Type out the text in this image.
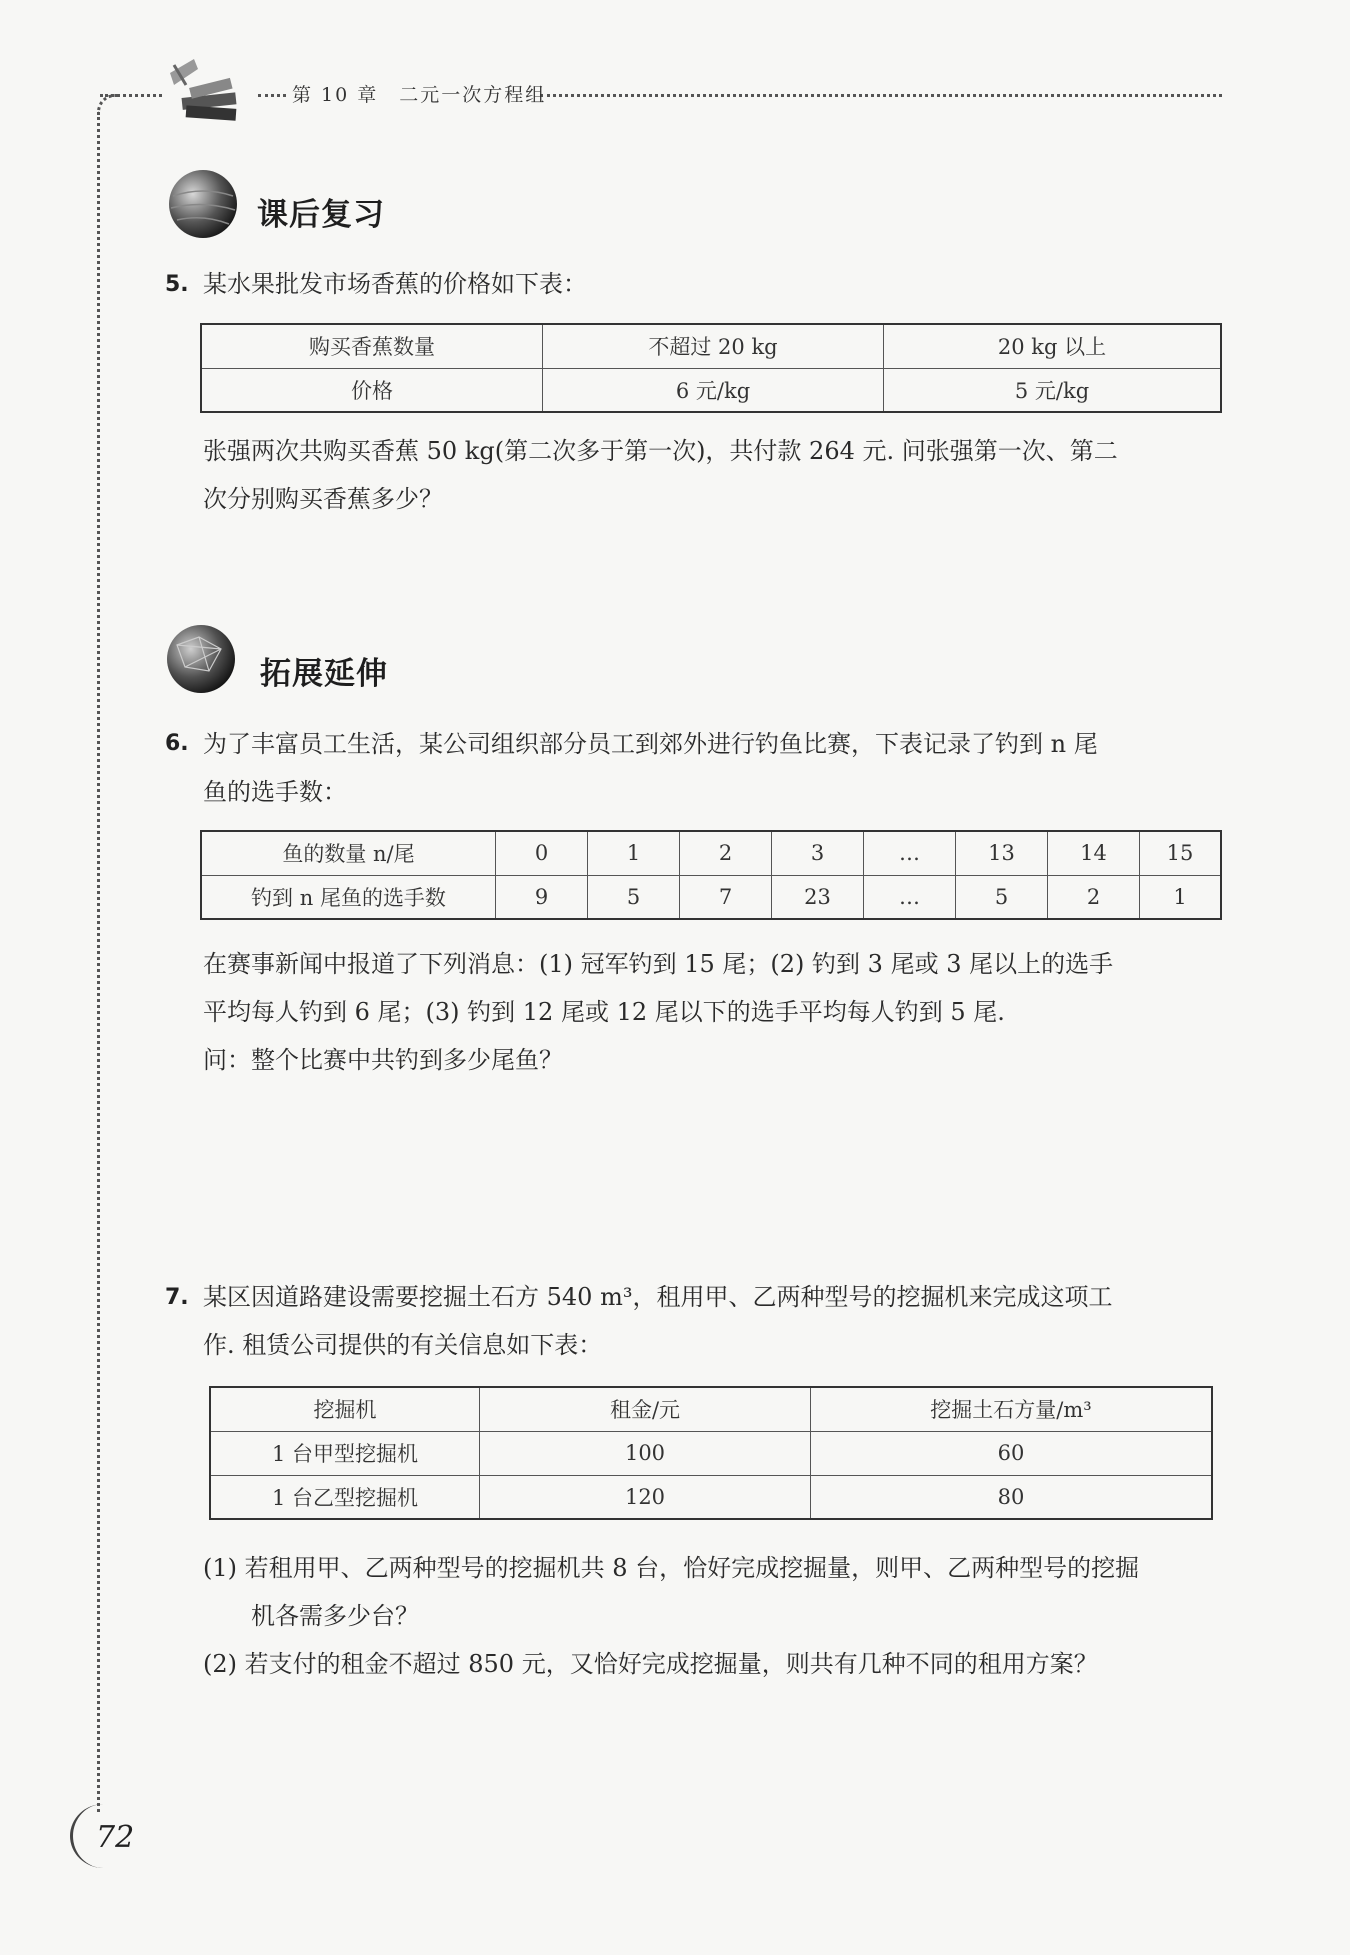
第 10 章　二元一次方程组
课后复习
5. 某水果批发市场香蕉的价格如下表：
购买香蕉数量	不超过 20 kg	20 kg 以上
价格	6 元/kg	5 元/kg
张强两次共购买香蕉 50 kg(第二次多于第一次)，共付款 264 元. 问张强第一次、第二
次分别购买香蕉多少？
拓展延伸
6. 为了丰富员工生活，某公司组织部分员工到郊外进行钓鱼比赛，下表记录了钓到 n 尾
鱼的选手数：
鱼的数量 n/尾	0	1	2	3	…	13	14	15
钓到 n 尾鱼的选手数	9	5	7	23	…	5	2	1
在赛事新闻中报道了下列消息：(1) 冠军钓到 15 尾；(2) 钓到 3 尾或 3 尾以上的选手
平均每人钓到 6 尾；(3) 钓到 12 尾或 12 尾以下的选手平均每人钓到 5 尾.
问：整个比赛中共钓到多少尾鱼？
7. 某区因道路建设需要挖掘土石方 540 m³，租用甲、乙两种型号的挖掘机来完成这项工
作. 租赁公司提供的有关信息如下表：
挖掘机	租金/元	挖掘土石方量/m³
1 台甲型挖掘机	100	60
1 台乙型挖掘机	120	80
(1) 若租用甲、乙两种型号的挖掘机共 8 台，恰好完成挖掘量，则甲、乙两种型号的挖掘
机各需多少台？
(2) 若支付的租金不超过 850 元，又恰好完成挖掘量，则共有几种不同的租用方案？
72
